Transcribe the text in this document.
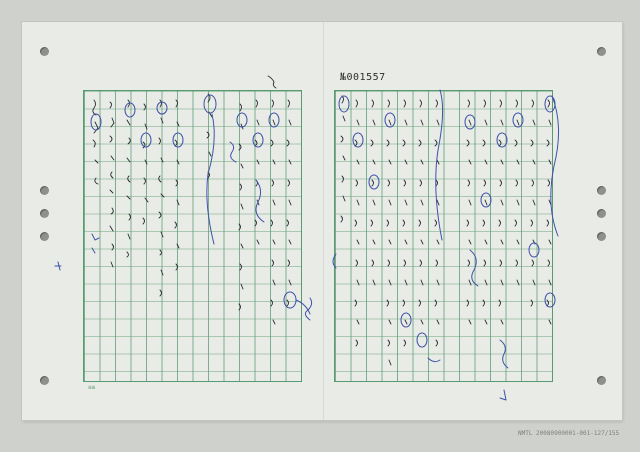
№001557
≡≡
NMTL 20080900001-001-127/155
